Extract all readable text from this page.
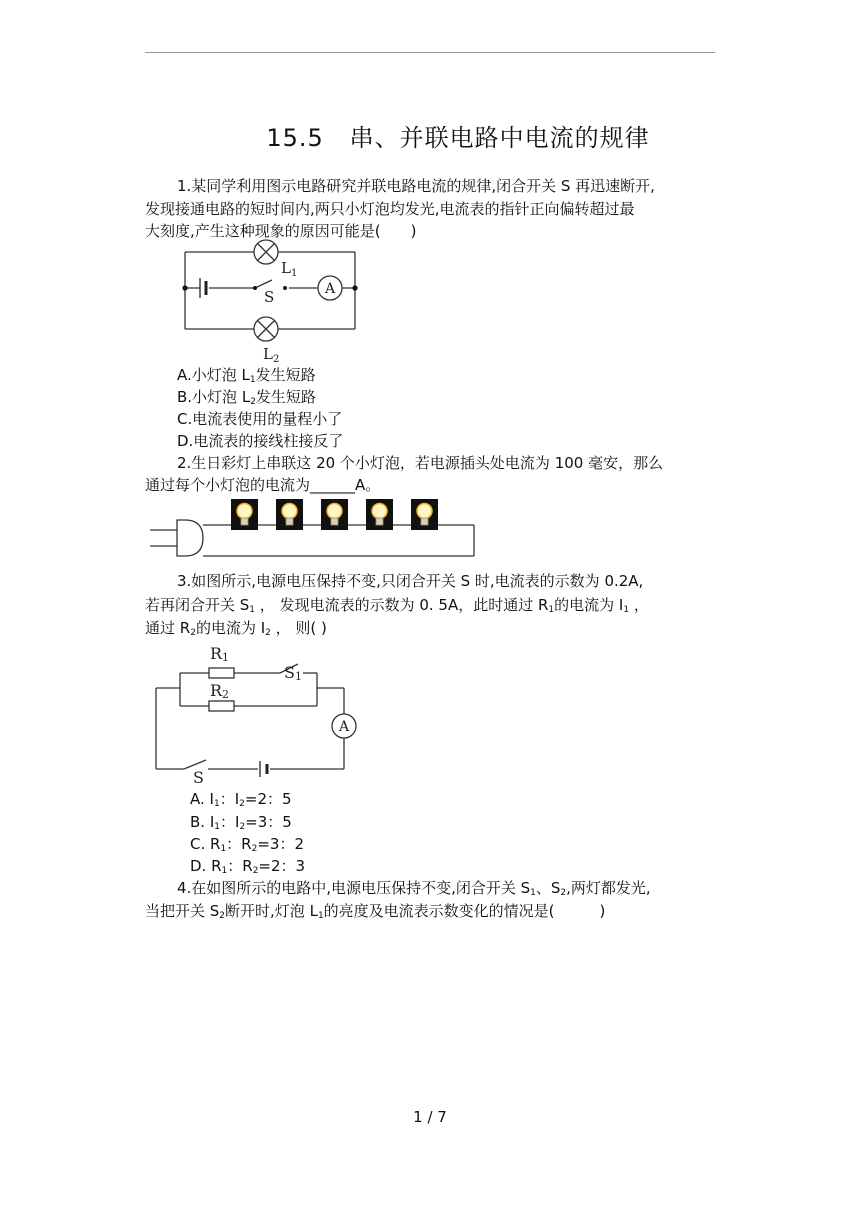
15.5 串、并联电路中电流的规律
1.某同学利用图示电路研究并联电路电流的规律,闭合开关 S 再迅速断开,
发现接通电路的短时间内,两只小灯泡均发光,电流表的指针正向偏转超过最
大刻度,产生这种现象的原因可能是(　　)
A
$L_1$
S
$L_2$
A.小灯泡 $L_1$发生短路
B.小灯泡 $L_2$发生短路
C.电流表使用的量程小了
D.电流表的接线柱接反了
2.生日彩灯上串联这 20 个小灯泡，若电源插头处电流为 100 毫安，那么
通过每个小灯泡的电流为______A。
3.如图所示,电源电压保持不变,只闭合开关 S 时,电流表的示数为 0.2A,
若再闭合开关 $S_1$ ， 发现电流表的示数为 0. 5A，此时通过 $R_1$的电流为 $I_1$ ，
通过 $R_2$的电流为 $I_2$ ， 则( )
A
R1
R2
S1
S
A. $I_1$：$I_2=2$：5
B. $I_1$：$I_2=3$：5
C. $R_1$：$R_2=3$：2
D. $R_1$：$R_2=2$：3
4.在如图所示的电路中,电源电压保持不变,闭合开关 $S_1$、$S_2$,两灯都发光,
当把开关 $S_2$断开时,灯泡 $L_1$的亮度及电流表示数变化的情况是(　　　)
1 / 7
